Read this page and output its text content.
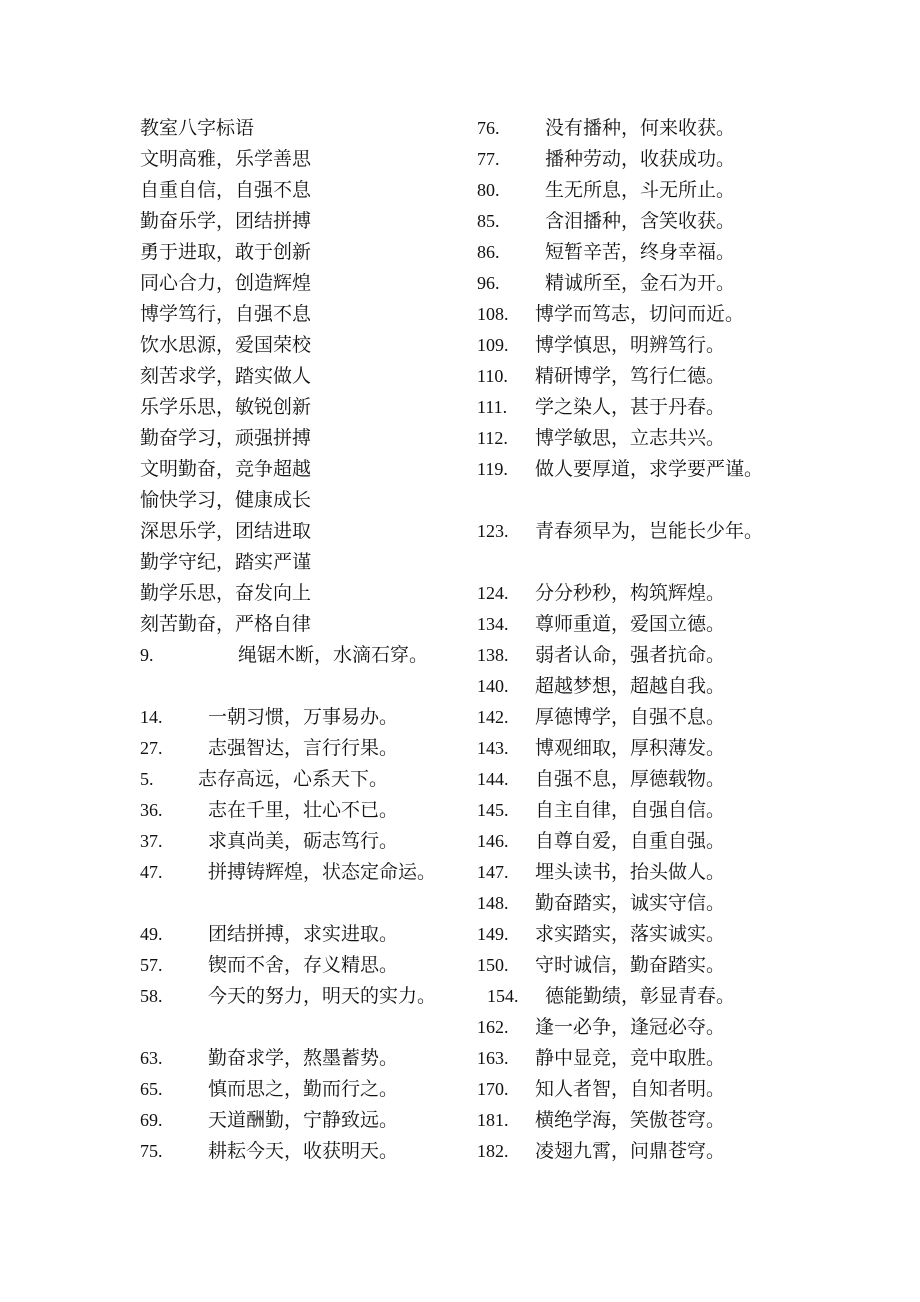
教室八字标语
文明高雅，乐学善思
自重自信，自强不息
勤奋乐学，团结拼搏
勇于进取，敢于创新
同心合力，创造辉煌
博学笃行，自强不息
饮水思源，爱国荣校
刻苦求学，踏实做人
乐学乐思，敏锐创新
勤奋学习，顽强拼搏
文明勤奋，竞争超越
愉快学习，健康成长
深思乐学，团结进取
勤学守纪，踏实严谨
勤学乐思，奋发向上
刻苦勤奋，严格自律
9.	绳锯木断，水滴石穿。
14. 一朝习惯，万事易办。
27. 志强智达，言行行果。
5. 志存高远，心系天下。
36. 志在千里，壮心不已。
37. 求真尚美，砺志笃行。
47. 拼搏铸辉煌，状态定命运。
49. 团结拼搏，求实进取。
57. 锲而不舍，存义精思。
58. 今天的努力，明天的实力。
63. 勤奋求学，熬墨蓄势。
65. 慎而思之，勤而行之。
69. 天道酬勤，宁静致远。
75. 耕耘今天，收获明天。
76. 没有播种，何来收获。
77. 播种劳动，收获成功。
80. 生无所息，斗无所止。
85. 含泪播种，含笑收获。
86. 短暂辛苦，终身幸福。
96. 精诚所至，金石为开。
108. 博学而笃志，切问而近。
109. 博学慎思，明辨笃行。
110. 精研博学，笃行仁德。
111. 学之染人，甚于丹春。
112. 博学敏思，立志共兴。
119. 做人要厚道，求学要严谨。
123. 青春须早为，岂能长少年。
124. 分分秒秒，构筑辉煌。
134. 尊师重道，爱国立德。
138. 弱者认命，强者抗命。
140. 超越梦想，超越自我。
142. 厚德博学，自强不息。
143. 博观细取，厚积薄发。
144. 自强不息，厚德载物。
145. 自主自律，自强自信。
146. 自尊自爱，自重自强。
147. 埋头读书，抬头做人。
148. 勤奋踏实，诚实守信。
149. 求实踏实，落实诚实。
150. 守时诚信，勤奋踏实。
154. 德能勤绩，彰显青春。
162. 逢一必争，逢冠必夺。
163. 静中显竞，竞中取胜。
170. 知人者智，自知者明。
181. 横绝学海，笑傲苍穹。
182. 凌翅九霄，问鼎苍穹。
